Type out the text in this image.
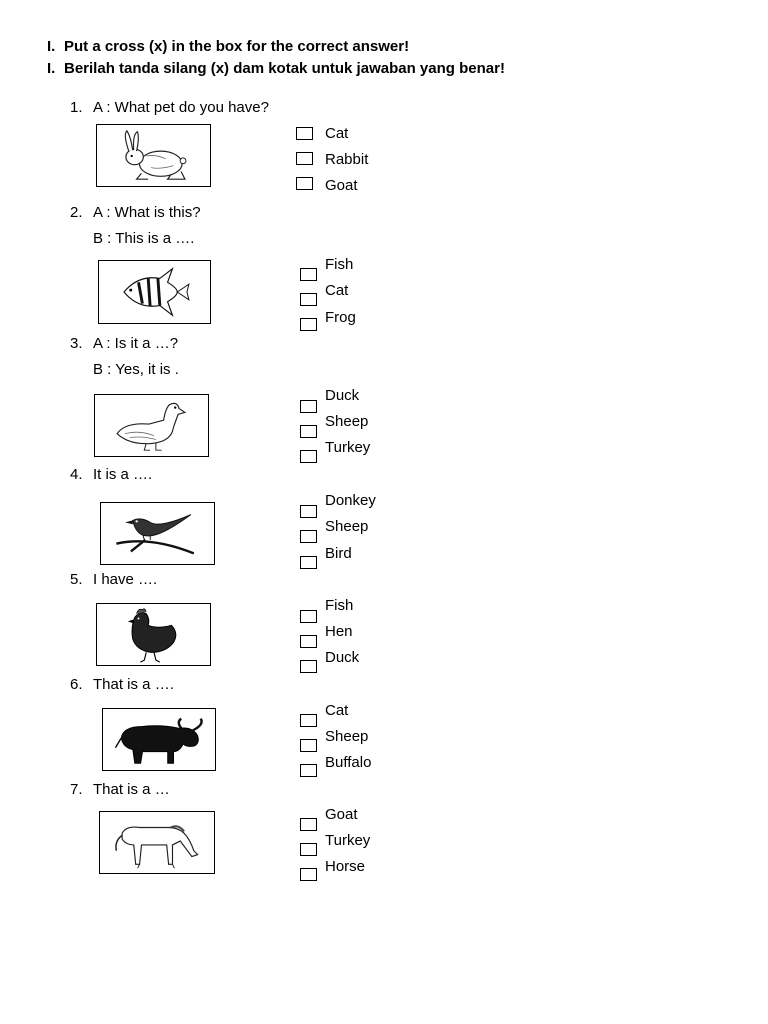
I. Put a cross (x) in the box for the correct answer!
I. Berilah tanda silang (x) dam kotak untuk jawaban yang benar!
1. A : What pet do you have?
Cat
Rabbit
Goat
2. A : What is this?
B : This is a ….
Fish
Cat
Frog
3. A : Is it a …?
B : Yes, it is .
Duck
Sheep
Turkey
4. It is a ….
Donkey
Sheep
Bird
5. I have ….
Fish
Hen
Duck
6. That is a ….
Cat
Sheep
Buffalo
7. That is a …
Goat
Turkey
Horse
